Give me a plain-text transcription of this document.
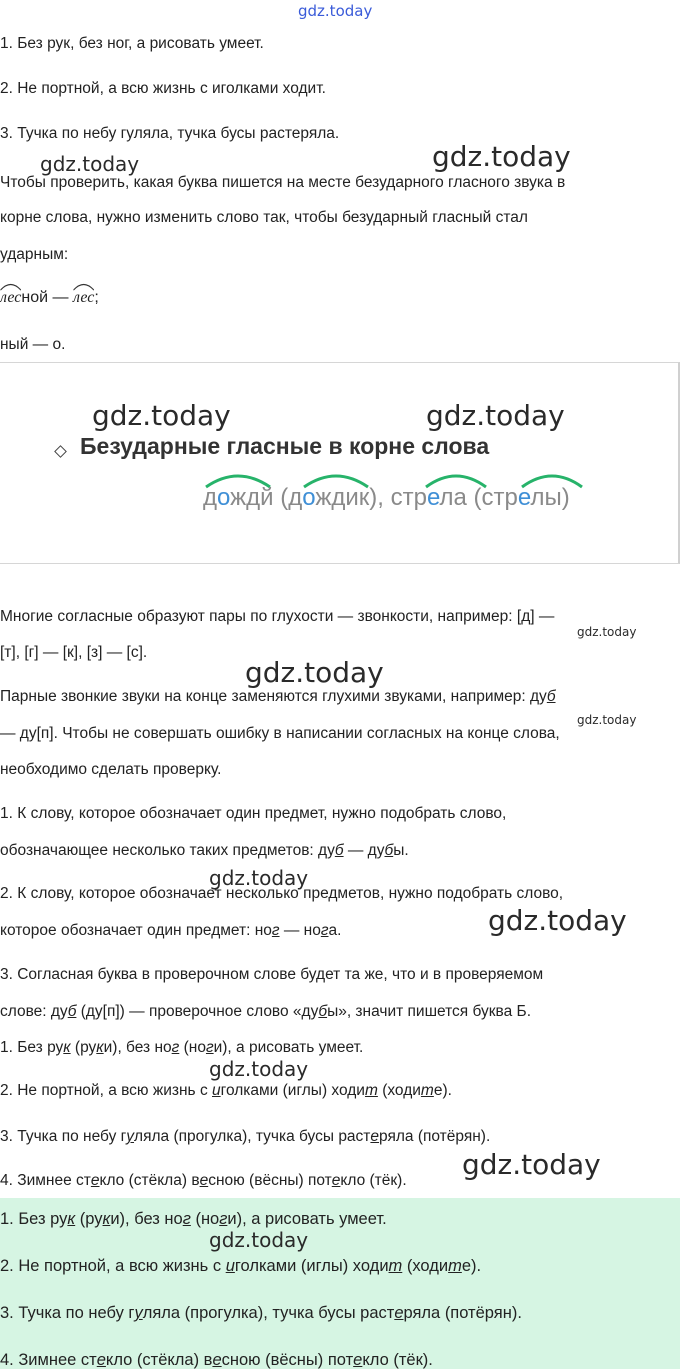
gdz.today
1. Без рук, без ног, а рисовать умеет.
2. Не портной, а всю жизнь с иголками ходит.
3. Тучка по небу гуляла, тучка бусы растеряла.
gdz.today	gdz.today
Чтобы проверить, какая буква пишется на месте безударного гласного звука в
корне слова, нужно изменить слово так, чтобы безударный гласный стал
ударным:
лесной —
лес;
ный — о.
gdz.today	gdz.today
Безударные гласные в корне слова
дождй (дождик), стрела (стрелы)
Многие согласные образуют пары по глухости — звонкости, например: [д] —
gdz.today
[т], [г] — [к], [з] — [с].
gdz.today
Парные звонкие звуки на конце заменяются глухими звуками, например: дуб
gdz.today
— ду[п]. Чтобы не совершать ошибку в написании согласных на конце слова,
необходимо сделать проверку.
1. К слову, которое обозначает один предмет, нужно подобрать слово,
обозначающее несколько таких предметов: дуб — дубы.
gdz.today
2. К слову, которое обозначает несколько предметов, нужно подобрать слово,
которое обозначает один предмет: ног — нога.	gdz.today
3. Согласная буква в проверочном слове будет та же, что и в проверяемом
слове: дуб (ду[п]) — проверочное слово «дубы», значит пишется буква Б.
1. Без рук (руки), без ног (ноги), а рисовать умеет.
gdz.today
2. Не портной, а всю жизнь с иголками (иглы) ходит (ходите).
3. Тучка по небу гуляла (прогулка), тучка бусы растеряла (потёрян).
4. Зимнее стекло (стёкла) весною (вёсны) потекло (тёк). gdz.today
1. Без рук (руки), без ног (ноги), а рисовать умеет.
gdz.today
2. Не портной, а всю жизнь с иголками (иглы) ходит (ходите).
3. Тучка по небу гуляла (прогулка), тучка бусы растеряла (потёрян).
4. Зимнее стекло (стёкла) весною (вёсны) потекло (тёк).
